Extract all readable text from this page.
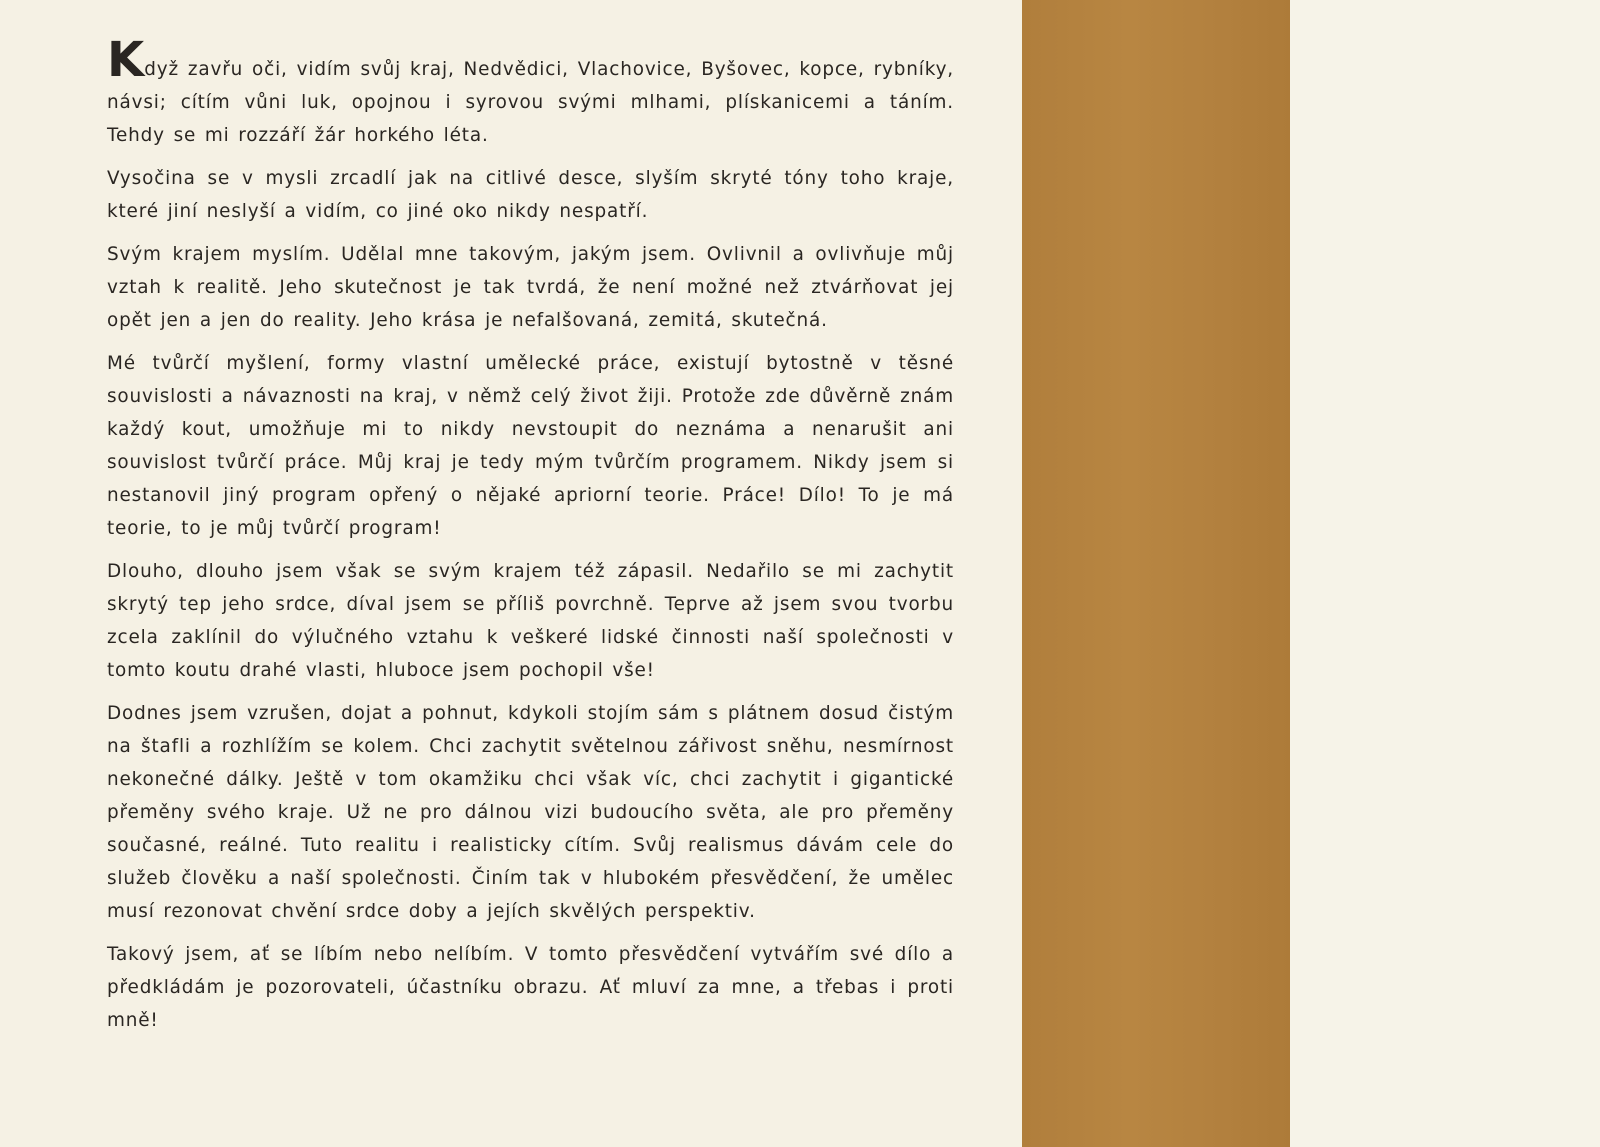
Když zavřu oči, vidím svůj kraj, Nedvědici, Vlachovice, Byšovec, kopce, rybníky, návsi; cítím vůni luk, opojnou i syrovou svými mlhami, plískanicemi a táním. Tehdy se mi rozzáří žár horkého léta.

Vysočina se v mysli zrcadlí jak na citlivé desce, slyším skryté tóny toho kraje, které jiní neslyší a vidím, co jiné oko nikdy nespatří.

Svým krajem myslím. Udělal mne takovým, jakým jsem. Ovlivnil a ovlivňuje můj vztah k realitě. Jeho skutečnost je tak tvrdá, že není možné než ztvárňovat jej opět jen a jen do reality. Jeho krása je nefalšovaná, zemitá, skutečná.

Mé tvůrčí myšlení, formy vlastní umělecké práce, existují bytostně v těsné souvislosti a návaznosti na kraj, v němž celý život žiji. Protože zde důvěrně znám každý kout, umožňuje mi to nikdy nevstoupit do neznáma a nenarušit ani souvislost tvůrčí práce. Můj kraj je tedy mým tvůrčím programem. Nikdy jsem si nestanovil jiný program opřený o nějaké apriorní teorie. Práce! Dílo! To je má teorie, to je můj tvůrčí program!

Dlouho, dlouho jsem však se svým krajem též zápasil. Nedařilo se mi zachytit skrytý tep jeho srdce, díval jsem se příliš povrchně. Teprve až jsem svou tvorbu zcela zaklínil do výlučného vztahu k veškeré lidské činnosti naší společnosti v tomto koutu drahé vlasti, hluboce jsem pochopil vše!

Dodnes jsem vzrušen, dojat a pohnut, kdykoli stojím sám s plátnem dosud čistým na štafli a rozhlížím se kolem. Chci zachytit světelnou zářivost sněhu, nesmírnost nekonečné dálky. Ještě v tom okamžiku chci však víc, chci zachytit i gigantické přeměny svého kraje. Už ne pro dálnou vizi budoucího světa, ale pro přeměny současné, reálné. Tuto realitu i realisticky cítím. Svůj realismus dávám cele do služeb člověku a naší společnosti. Činím tak v hlubokém přesvědčení, že umělec musí rezonovat chvění srdce doby a jejích skvělých perspektiv.

Takový jsem, ať se líbím nebo nelíbím. V tomto přesvědčení vytvářím své dílo a předkládám je pozorovateli, účastníku obrazu. Ať mluví za mne, a třebas i proti mně!
